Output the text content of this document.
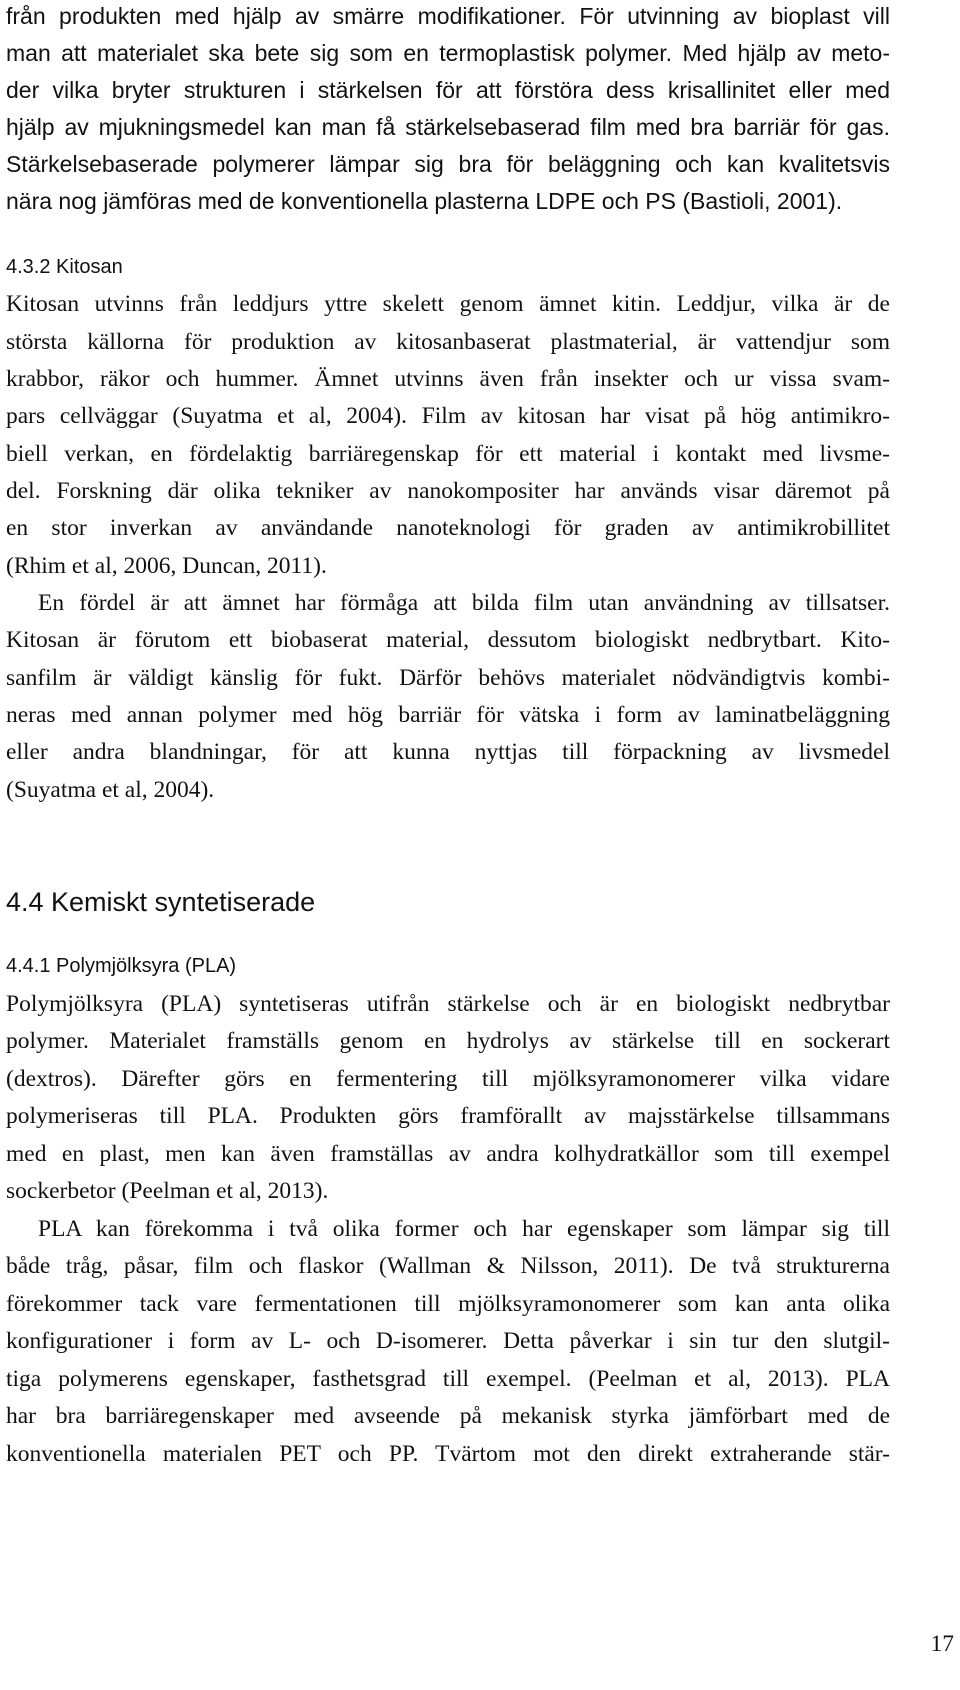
från produkten med hjälp av smärre modifikationer. För utvinning av bioplast vill
man att materialet ska bete sig som en termoplastisk polymer. Med hjälp av meto-
der vilka bryter strukturen i stärkelsen för att förstöra dess krisallinitet eller med
hjälp av mjukningsmedel kan man få stärkelsebaserad film med bra barriär för gas.
Stärkelsebaserade polymerer lämpar sig bra för beläggning och kan kvalitetsvis
nära nog jämföras med de konventionella plasterna LDPE och PS (Bastioli, 2001).
4.3.2 Kitosan
Kitosan utvinns från leddjurs yttre skelett genom ämnet kitin. Leddjur, vilka är de
största källorna för produktion av kitosanbaserat plastmaterial, är vattendjur som
krabbor, räkor och hummer. Ämnet utvinns även från insekter och ur vissa svam-
pars cellväggar (Suyatma et al, 2004). Film av kitosan har visat på hög antimikro-
biell verkan, en fördelaktig barriäregenskap för ett material i kontakt med livsme-
del. Forskning där olika tekniker av nanokompositer har används visar däremot på
en stor inverkan av användande nanoteknologi för graden av antimikrobillitet
(Rhim et al, 2006, Duncan, 2011).
En fördel är att ämnet har förmåga att bilda film utan användning av tillsatser.
Kitosan är förutom ett biobaserat material, dessutom biologiskt nedbrytbart. Kito-
sanfilm är väldigt känslig för fukt. Därför behövs materialet nödvändigtvis kombi-
neras med annan polymer med hög barriär för vätska i form av laminatbeläggning
eller andra blandningar, för att kunna nyttjas till förpackning av livsmedel
(Suyatma et al, 2004).
4.4 Kemiskt syntetiserade
4.4.1 Polymjölksyra (PLA)
Polymjölksyra (PLA) syntetiseras utifrån stärkelse och är en biologiskt nedbrytbar
polymer. Materialet framställs genom en hydrolys av stärkelse till en sockerart
(dextros). Därefter görs en fermentering till mjölksyramonomerer vilka vidare
polymeriseras till PLA. Produkten görs framförallt av majsstärkelse tillsammans
med en plast, men kan även framställas av andra kolhydratkällor som till exempel
sockerbetor (Peelman et al, 2013).
PLA kan förekomma i två olika former och har egenskaper som lämpar sig till
både tråg, påsar, film och flaskor (Wallman & Nilsson, 2011). De två strukturerna
förekommer tack vare fermentationen till mjölksyramonomerer som kan anta olika
konfigurationer i form av L- och D-isomerer. Detta påverkar i sin tur den slutgil-
tiga polymerens egenskaper, fasthetsgrad till exempel. (Peelman et al, 2013). PLA
har bra barriäregenskaper med avseende på mekanisk styrka jämförbart med de
konventionella materialen PET och PP. Tvärtom mot den direkt extraherande stär-
17
